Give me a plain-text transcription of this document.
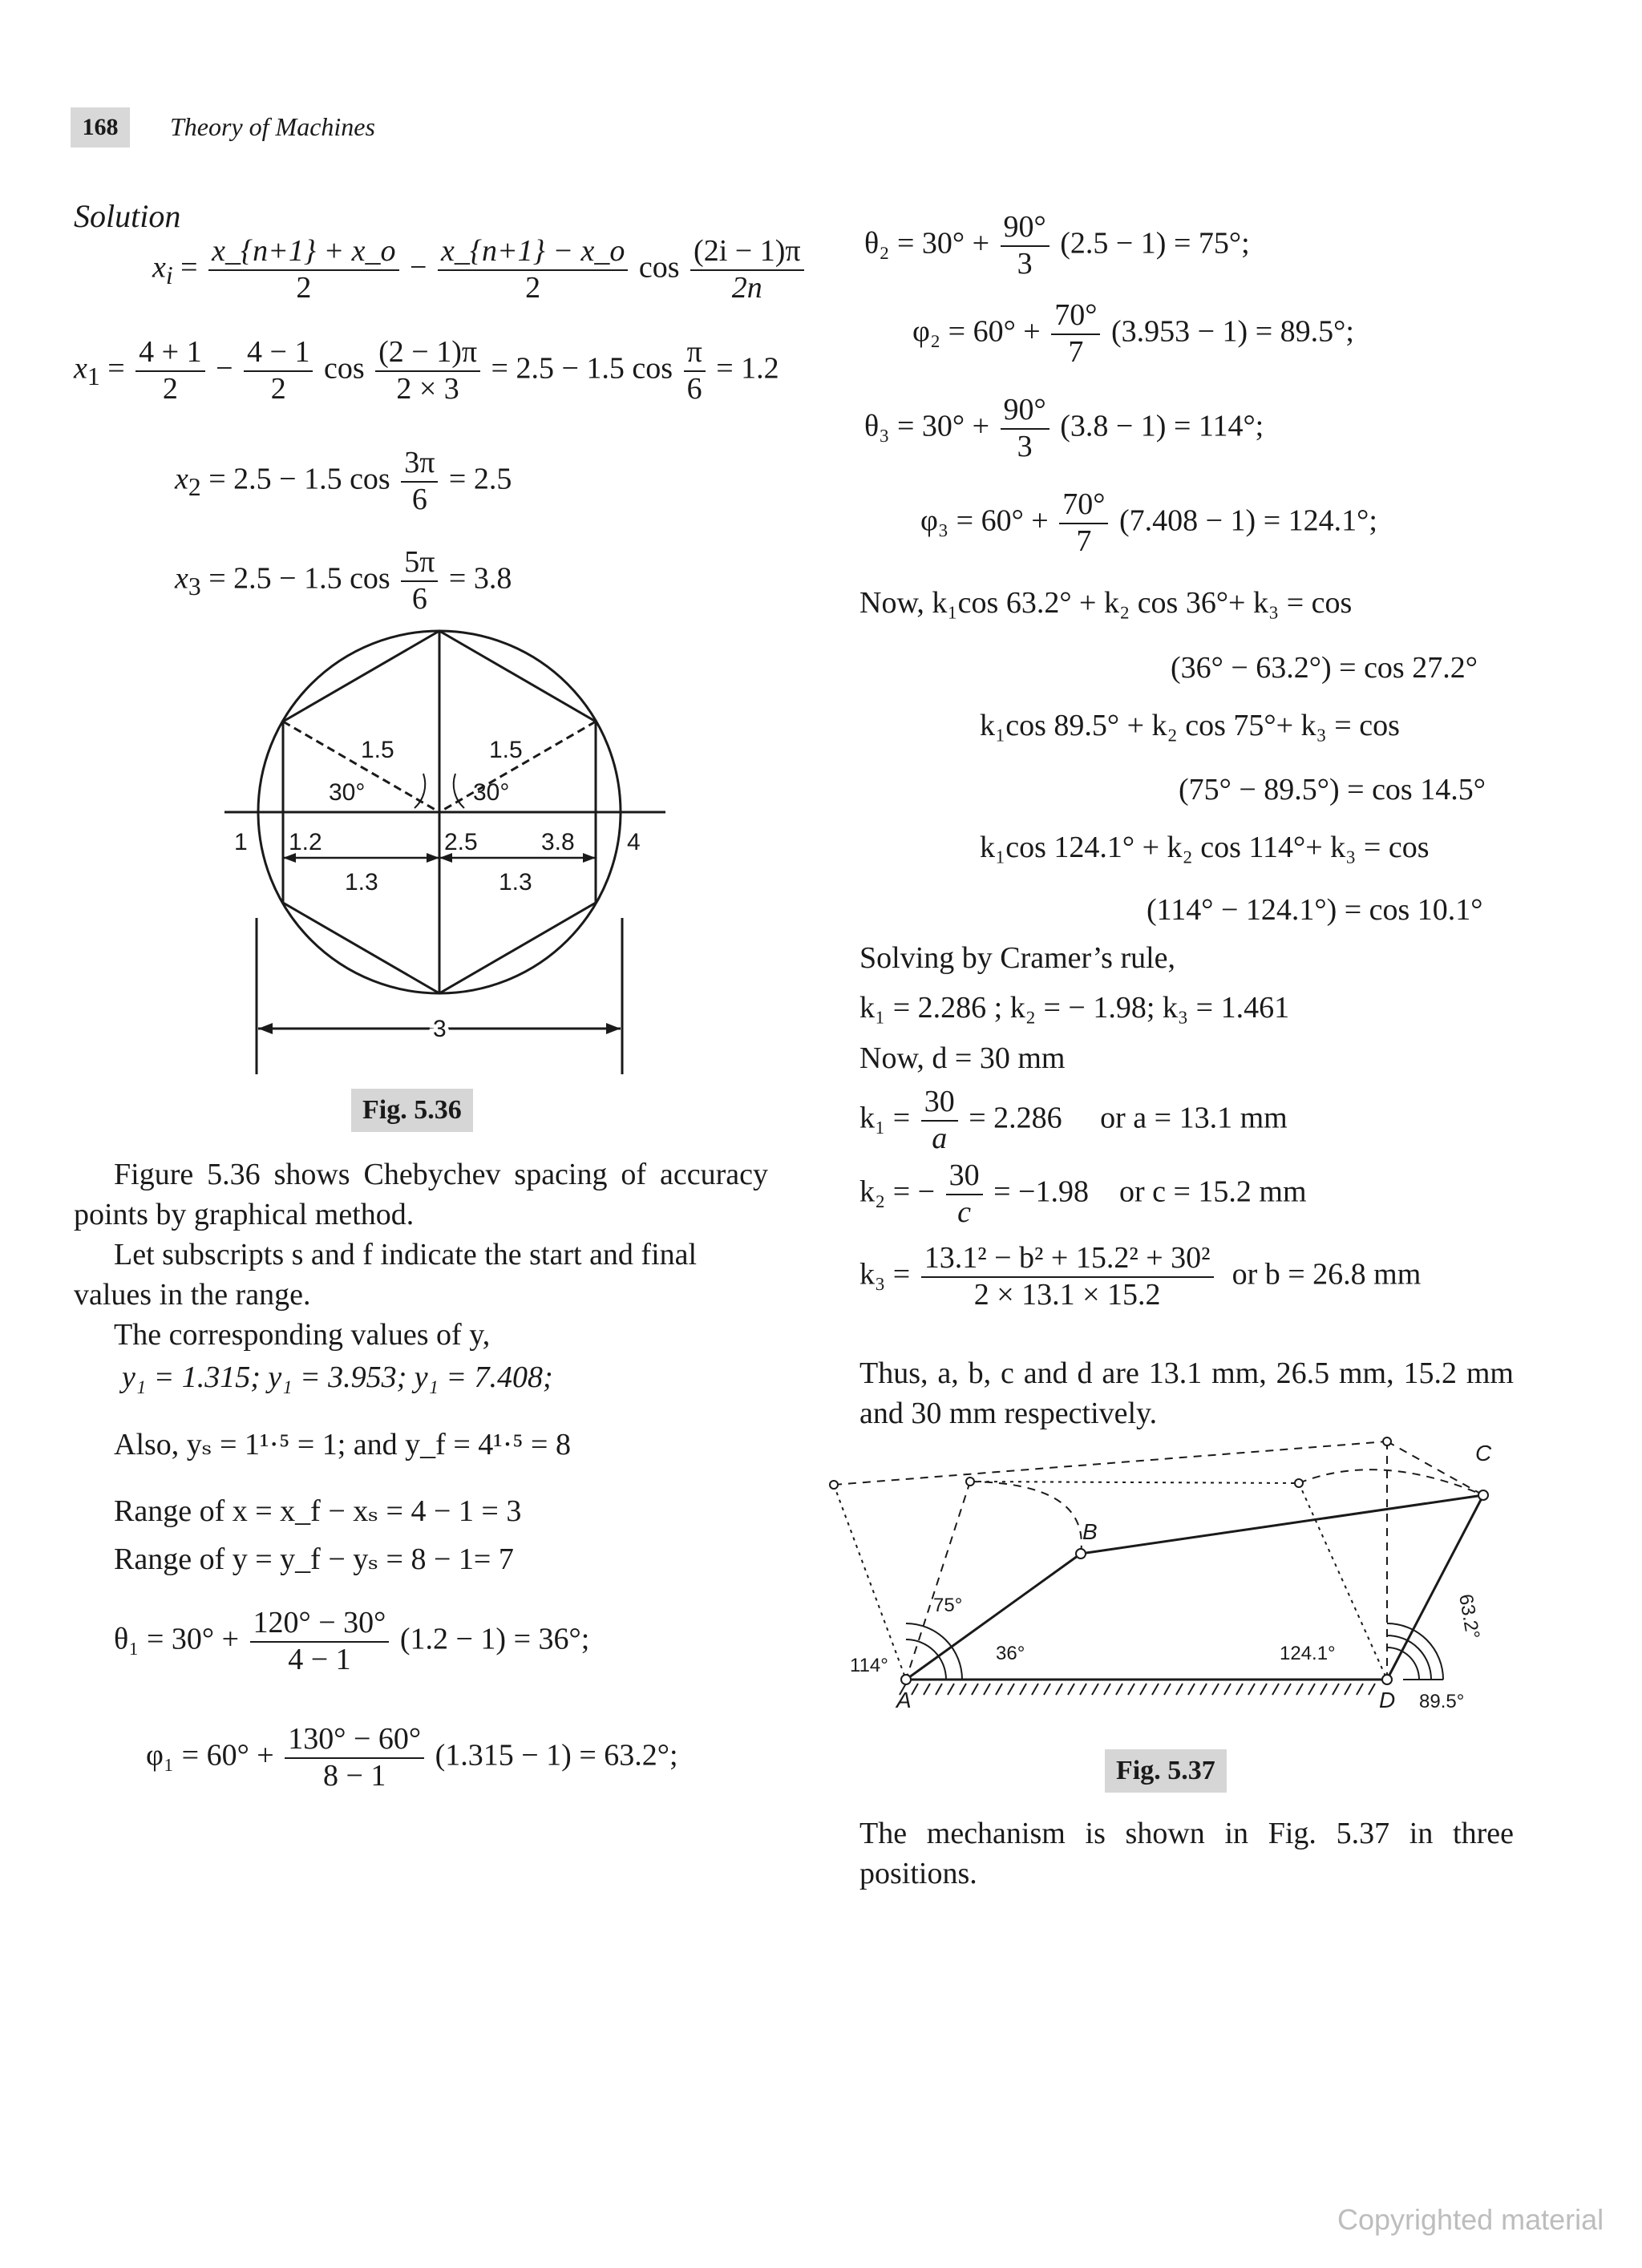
168	Theory of Machines
Solution
$x_i = \frac{x\_\{n+1\} + x\_o}{2} - \frac{x\_\{n+1\} - x\_o}{2}$ $\cos \frac{(2i - 1)\pi}{2n}$
$x_1 = \frac{4 + 1}{2} - \frac{4 - 1}{2}$ $\cos \frac{(2 - 1)\pi}{2 \times 3} = 2.5 - 1.5$ $\cos \frac{\pi}{6} = 1.2$
$x_2 = 2.5 - 1.5$ $\cos \frac{3\pi}{6} = 2.5$
$x_3 = 2.5 - 1.5$ $\cos \frac{5\pi}{6} = 3.8$
1.5	1.5
30°	30°
1 1.2	2.5	3.8 4
1.3	1.3
3
Fig. 5.36
Figure 5.36 shows Chebychev spacing of accuracy points by graphical method.
Let subscripts s and f indicate the start and final values in the range.
The corresponding values of y,
y₁ = 1.315; y₁ = 3.953; y₁ = 7.408;
Also, yₛ = 1¹·⁵ = 1; and y_f = 4¹·⁵ = 8
Range of x = x_f − xₛ = 4 − 1 = 3
Range of y = y_f − yₛ = 8 − 1= 7
$\theta_1 = 30^\circ + \frac{120^\circ - 30^\circ}{4 - 1} (1.2 - 1) = 36^\circ$;
$\varphi_1 = 60^\circ + \frac{130^\circ - 60^\circ}{8 - 1} (1.315 - 1) = 63.2^\circ$;
$\theta_2 = 30^\circ + \frac{90^\circ}{3} (2.5 - 1) = 75^\circ$;
$\varphi_2 = 60^\circ + \frac{70^\circ}{7} (3.953 - 1) = 89.5^\circ$;
$\theta_3 = 30^\circ + \frac{90^\circ}{3} (3.8 - 1) = 114^\circ$;
$\varphi_3 = 60^\circ + \frac{70^\circ}{7} (7.408 - 1) = 124.1^\circ$;
Now, k₁cos 63.2° + k₂ cos 36°+ k₃ = cos
(36° − 63.2°) = cos 27.2°
k₁cos 89.5° + k₂ cos 75°+ k₃ = cos
(75° − 89.5°) = cos 14.5°
k₁cos 124.1° + k₂ cos 114°+ k₃ = cos
(114° − 124.1°) = cos 10.1°
Solving by Cramer’s rule,
k₁ = 2.286 ; k₂ = − 1.98; k₃ = 1.461
Now, d = 30 mm
$k_1 = \frac{30}{a} = 2.286$ or a = 13.1 mm
k₂ = − $\frac{30}{c} = -1.98$ or c = 15.2 mm
$k_3 = \frac{\text{13.1² − b² + 15.2² + 30²}}{2 \times 13.1 \times 15.2}$ or b = 26.8 mm
Thus, a, b, c and d are 13.1 mm, 26.5 mm, 15.2 mm and 30 mm respectively.
C
B
A	D
75°
114°
36°	124.1°
89.5°
63.2°
Fig. 5.37
The mechanism is shown in Fig. 5.37 in three positions.
Copyrighted material
